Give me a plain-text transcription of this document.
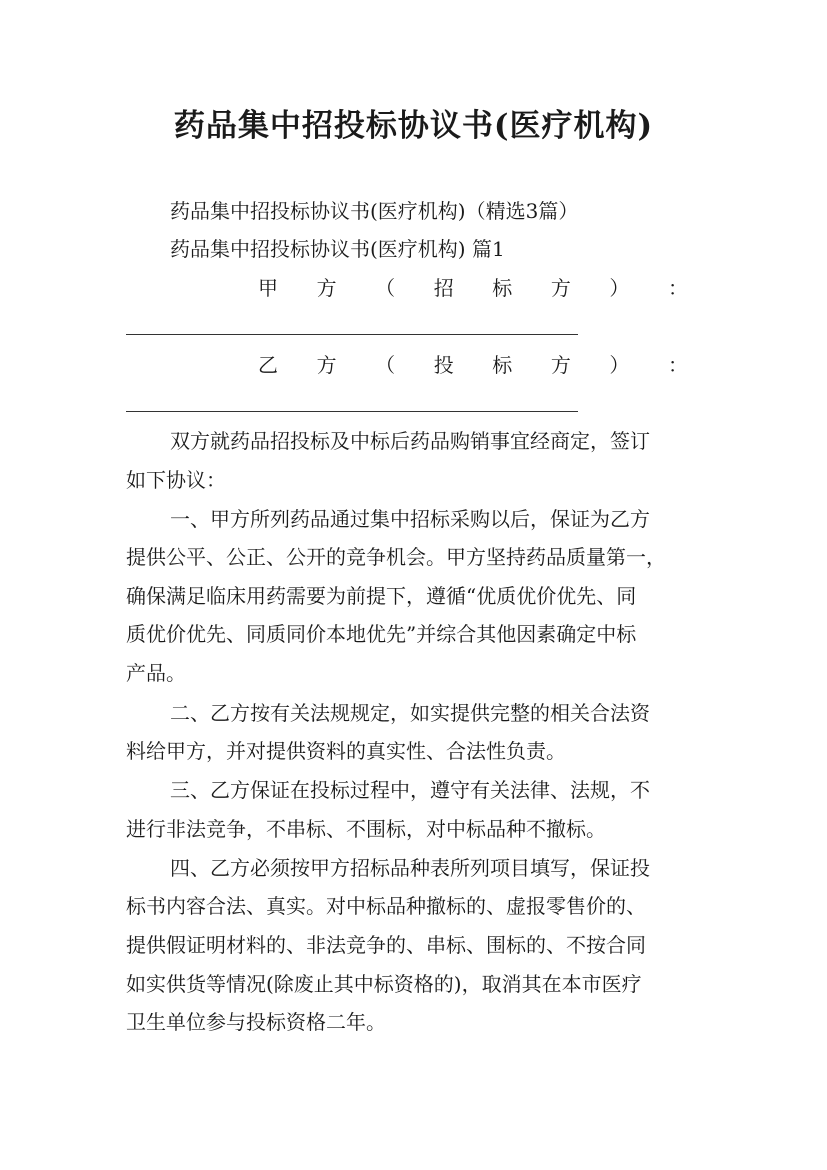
药品集中招投标协议书(医疗机构)
药品集中招投标协议书(医疗机构)（精选3篇）
药品集中招投标协议书(医疗机构) 篇1
甲 方 （ 招 标 方 ） ：
乙 方 （ 投 标 方 ） ：
双方就药品招投标及中标后药品购销事宜经商定，签订
如下协议：
一、甲方所列药品通过集中招标采购以后，保证为乙方
提供公平、公正、公开的竞争机会。甲方坚持药品质量第一，
确保满足临床用药需要为前提下，遵循“优质优价优先、同
质优价优先、同质同价本地优先”并综合其他因素确定中标
产品。
二、乙方按有关法规规定，如实提供完整的相关合法资
料给甲方，并对提供资料的真实性、合法性负责。
三、乙方保证在投标过程中，遵守有关法律、法规，不
进行非法竞争，不串标、不围标，对中标品种不撤标。
四、乙方必须按甲方招标品种表所列项目填写，保证投
标书内容合法、真实。对中标品种撤标的、虚报零售价的、
提供假证明材料的、非法竞争的、串标、围标的、不按合同
如实供货等情况(除废止其中标资格的)，取消其在本市医疗
卫生单位参与投标资格二年。
